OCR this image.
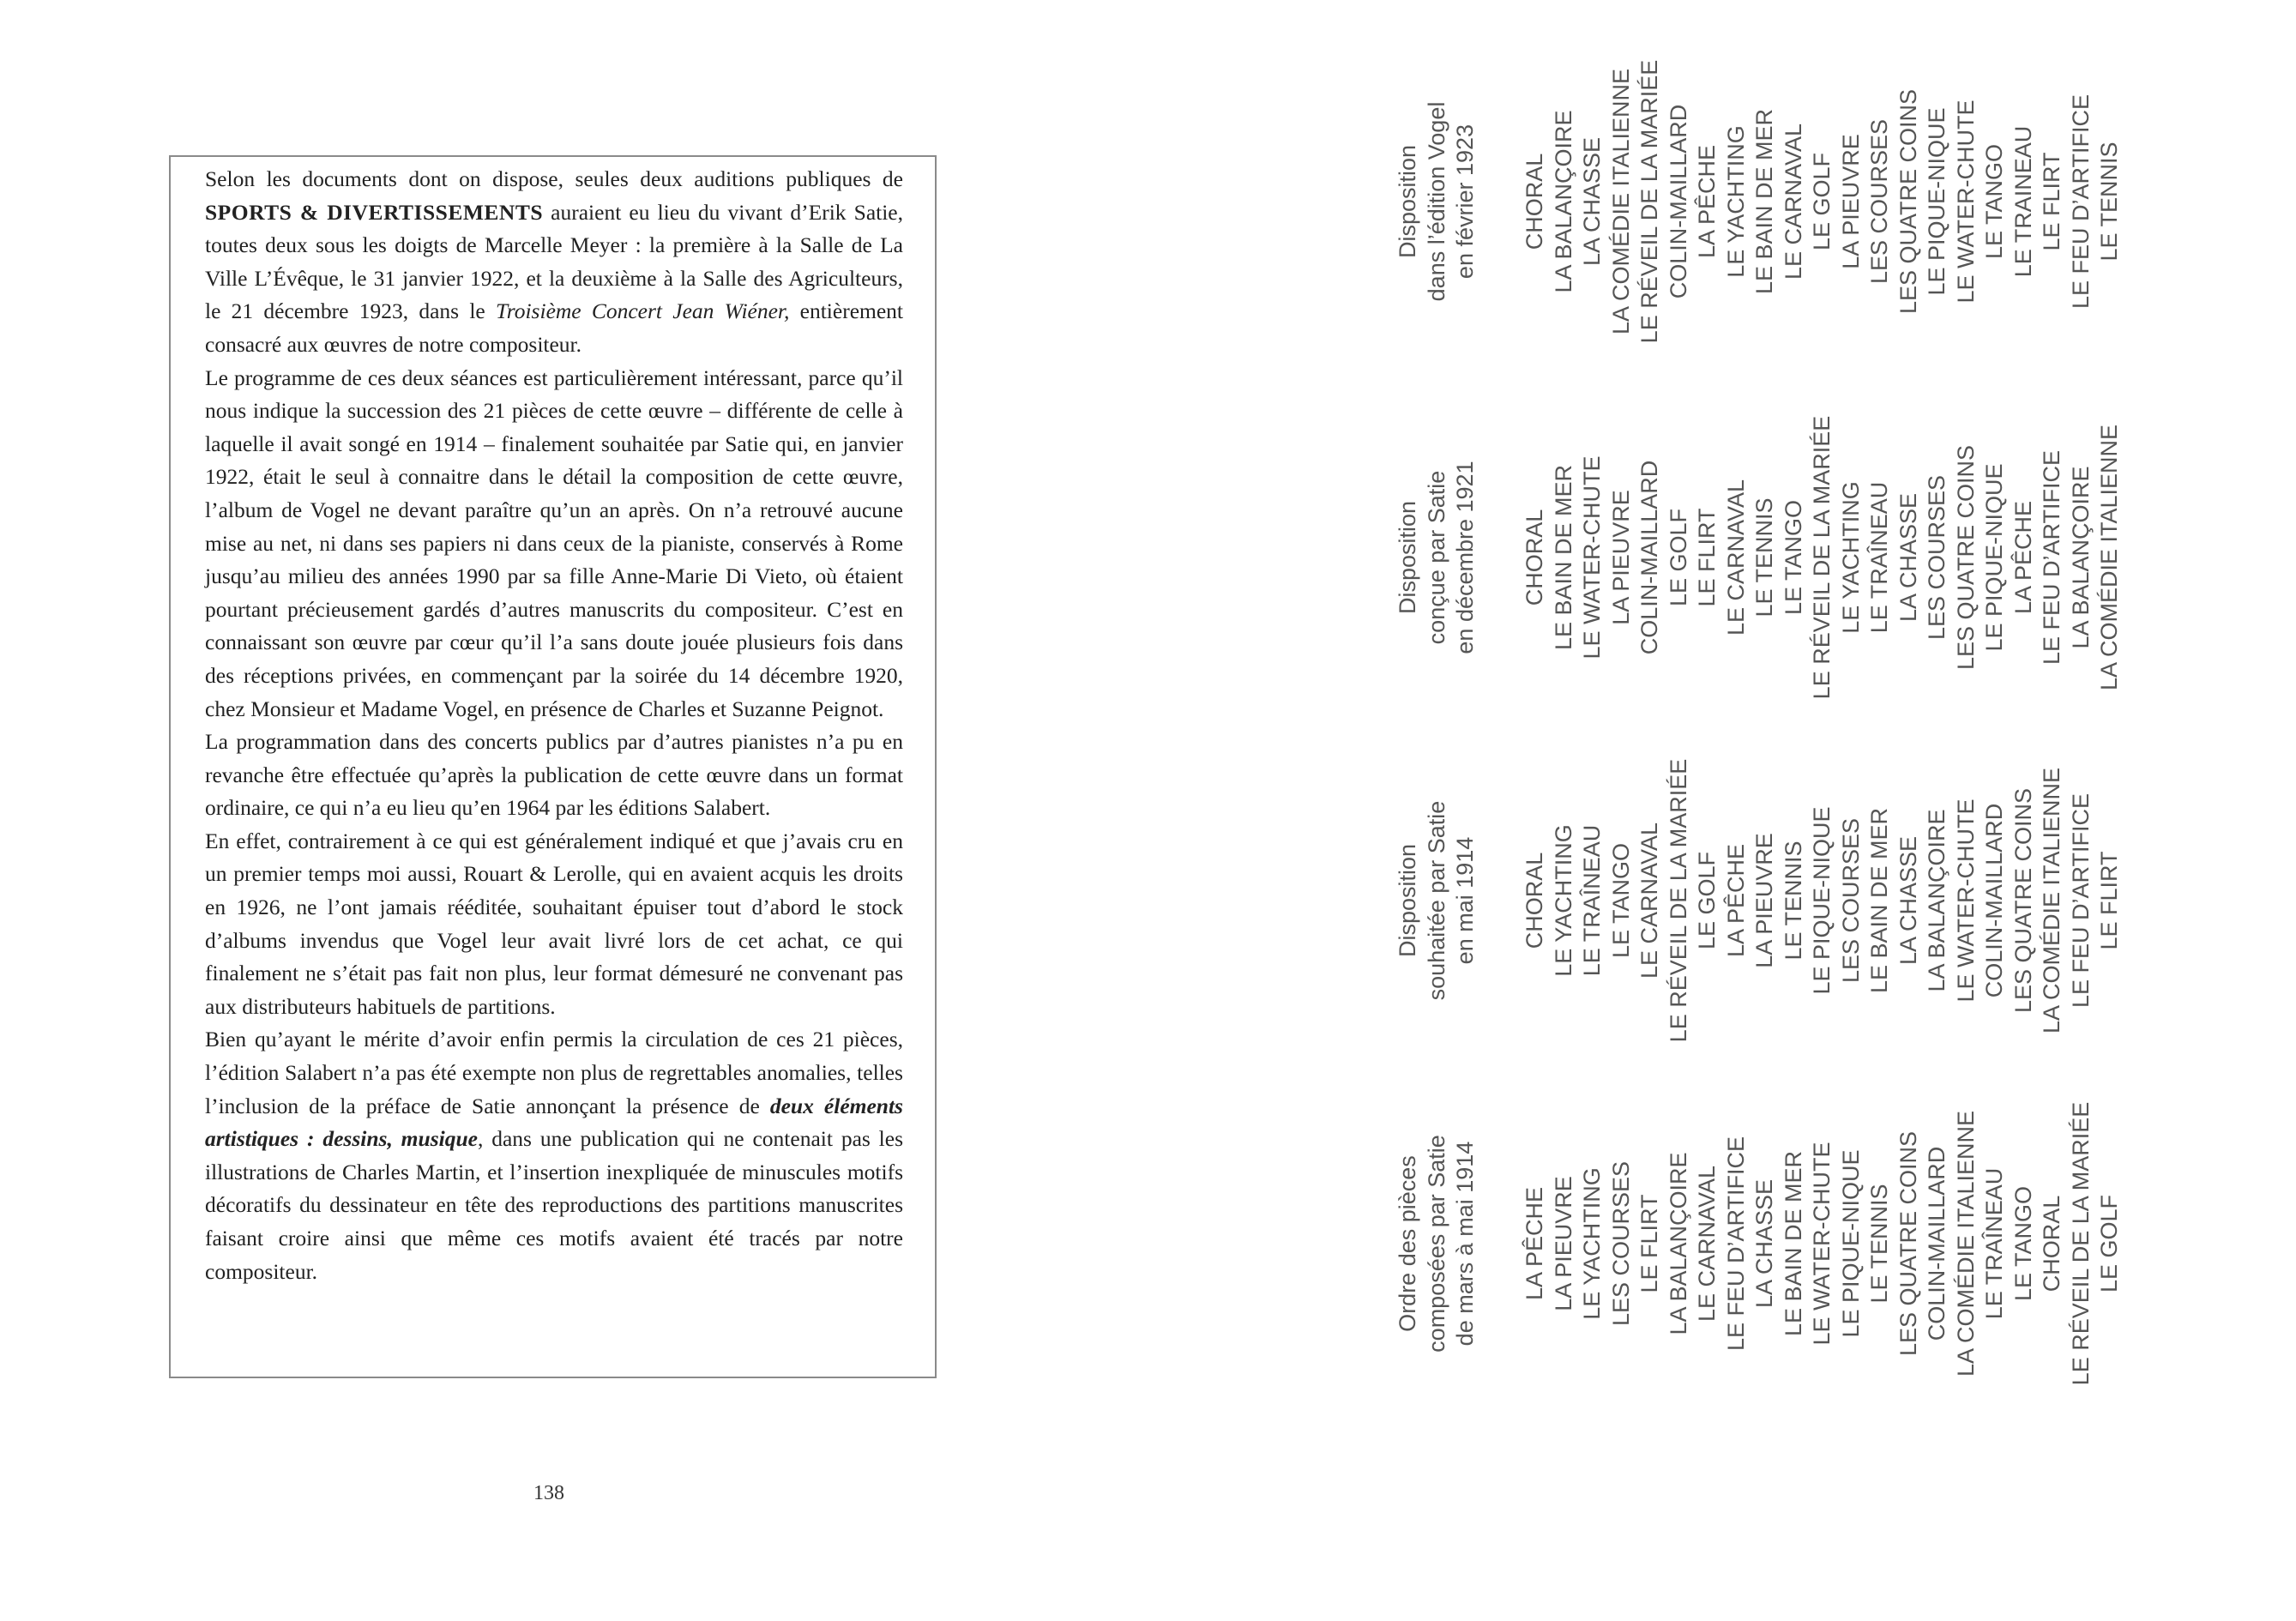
Selon les documents dont on dispose, seules deux auditions publiques de SPORTS & DIVERTISSEMENTS auraient eu lieu du vivant d’Erik Satie, toutes deux sous les doigts de Marcelle Meyer : la première à la Salle de La Ville L’Évêque, le 31 janvier 1922, et la deuxième à la Salle des Agriculteurs, le 21 décembre 1923, dans le Troisième Concert Jean Wiéner, entièrement consacré aux œuvres de notre compositeur.

Le programme de ces deux séances est particulièrement intéressant, parce qu’il nous indique la succession des 21 pièces de cette œuvre – différente de celle à laquelle il avait songé en 1914 – finalement souhaitée par Satie qui, en janvier 1922, était le seul à connaitre dans le détail la composition de cette œuvre, l’album de Vogel ne devant paraître qu’un an après. On n’a retrouvé aucune mise au net, ni dans ses papiers ni dans ceux de la pianiste, conservés à Rome jusqu’au milieu des années 1990 par sa fille Anne-Marie Di Vieto, où étaient pourtant précieusement gardés d’autres manuscrits du compositeur. C’est en connaissant son œuvre par cœur qu’il l’a sans doute jouée plusieurs fois dans des réceptions privées, en commençant par la soirée du 14 décembre 1920, chez Monsieur et Madame Vogel, en présence de Charles et Suzanne Peignot.

La programmation dans des concerts publics par d’autres pianistes n’a pu en revanche être effectuée qu’après la publication de cette œuvre dans un format ordinaire, ce qui n’a eu lieu qu’en 1964 par les éditions Salabert.

En effet, contrairement à ce qui est généralement indiqué et que j’avais cru en un premier temps moi aussi, Rouart & Lerolle, qui en avaient acquis les droits en 1926, ne l’ont jamais rééditée, souhaitant épuiser tout d’abord le stock d’albums invendus que Vogel leur avait livré lors de cet achat, ce qui finalement ne s’était pas fait non plus, leur format démesuré ne convenant pas aux distributeurs habituels de partitions.

Bien qu’ayant le mérite d’avoir enfin permis la circulation de ces 21 pièces, l’édition Salabert n’a pas été exempte non plus de regrettables anomalies, telles l’inclusion de la préface de Satie annonçant la présence de deux éléments artistiques : dessins, musique, dans une publication qui ne contenait pas les illustrations de Charles Martin, et l’insertion inexpliquée de minuscules motifs décoratifs du dessinateur en tête des reproductions des partitions manuscrites faisant croire ainsi que même ces motifs avaient été tracés par notre compositeur.

138
Ordre des pièces composées par Satie de mars à mai 1914 LA PÊCHE LA PIEUVRE LE YACHTING LES COURSES LE FLIRT LA BALANÇOIRE LE CARNAVAL LE FEU D’ARTIFICE LA CHASSE LE BAIN DE MER LE WATER-CHUTE LE PIQUE-NIQUE LE TENNIS LES QUATRE COINS COLIN-MAILLARD LA COMÉDIE ITALIENNE LE TRAÎNEAU LE TANGO CHORAL LE RÉVEIL DE LA MARIÉE LE GOLF
Disposition souhaitée par Satie en mai 1914 CHORAL LE YACHTING LE TRAÎNEAU LE TANGO LE CARNAVAL LE RÉVEIL DE LA MARIÉE LE GOLF LA PÊCHE LA PIEUVRE LE TENNIS LE PIQUE-NIQUE LES COURSES LE BAIN DE MER LA CHASSE LA BALANÇOIRE LE WATER-CHUTE COLIN-MAILLARD LES QUATRE COINS LA COMÉDIE ITALIENNE LE FEU D’ARTIFICE LE FLIRT
Disposition conçue par Satie en décembre 1921 CHORAL LE BAIN DE MER LE WATER-CHUTE LA PIEUVRE COLIN-MAILLARD LE GOLF LE FLIRT LE CARNAVAL LE TENNIS LE TANGO LE RÉVEIL DE LA MARIÉE LE YACHTING LE TRAÎNEAU LA CHASSE LES COURSES LES QUATRE COINS LE PIQUE-NIQUE LA PÊCHE LE FEU D’ARTIFICE LA BALANÇOIRE LA COMÉDIE ITALIENNE
Disposition dans l’édition Vogel en février 1923 CHORAL LA BALANÇOIRE LA CHASSE LA COMÉDIE ITALIENNE LE RÉVEIL DE LA MARIÉE COLIN-MAILLARD LA PÊCHE LE YACHTING LE BAIN DE MER LE CARNAVAL LE GOLF LA PIEUVRE LES COURSES LES QUATRE COINS LE PIQUE-NIQUE LE WATER-CHUTE LE TANGO LE TRAINEAU LE FLIRT LE FEU D’ARTIFICE LE TENNIS
